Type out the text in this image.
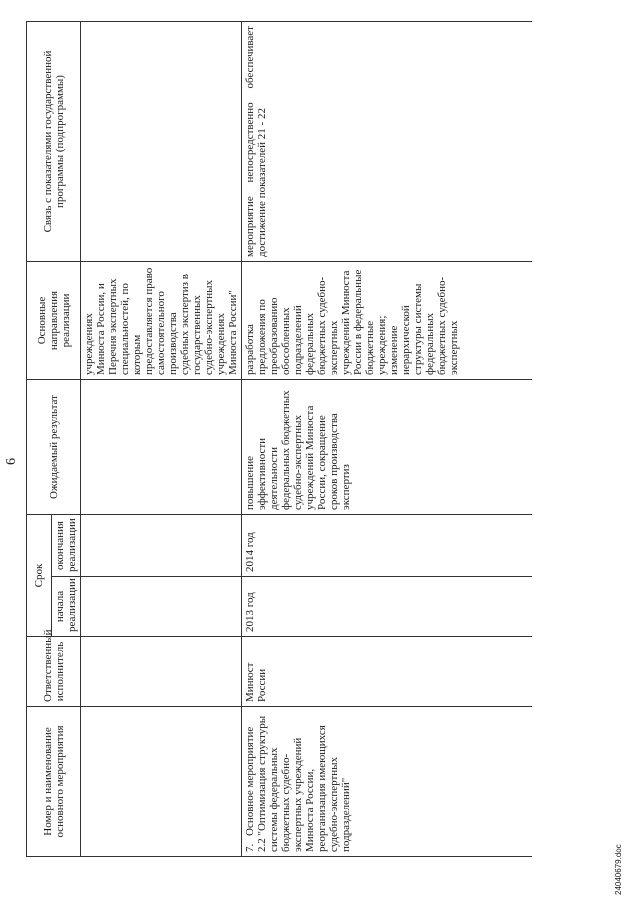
6
Номер и наименование основного мероприятия	Ответственный исполнитель	Срок		Ожидаемый результат	Основные направления реализации	Связь с показателями государственной программы (подпрограммы)
		начала реализации	окончания реализации			
					учреждениях Минюста России, и Перечня экспертных специальностей, по которым предоставляется право самостоятельного производства судебных экспертиз в государственных судебно-экспертных учреждениях Минюста России"	
7.Основное мероприятие 2.2 "Оптимизация структуры системы федеральных бюджетных судебно-экспертных учреждений Минюста России, реорганизация имеющихся судебно-экспертных подразделений"	Минюст России	2013 год	2014 год	повышение эффективности деятельности федеральных бюджетных судебно-экспертных учреждений Минюста России, сокращение сроков производства экспертиз	разработка предложения по преобразованию обособленных подразделений федеральных бюджетных судебно-экспертных учреждений Минюста России в федеральные бюджетные учреждения; изменение иерархической структуры системы федеральных бюджетных судебно-экспертных	мероприятие непосредственно обеспечивает достижение показателей 21 - 22
24040679.doc
